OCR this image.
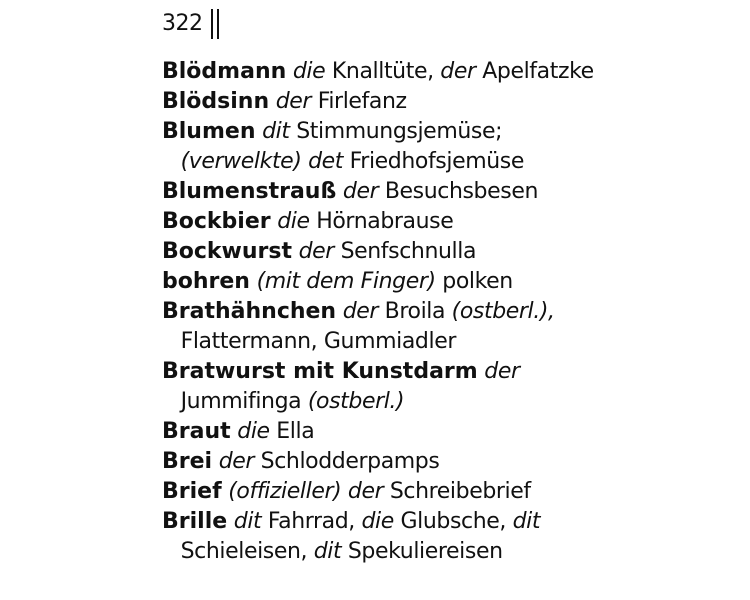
322
Blödmann die Knalltüte, der Apelfatzke
Blödsinn der Firlefanz
Blumen dit Stimmungsjemüse;(verwelkte) det Friedhofsjemüse
Blumenstrauß der Besuchsbesen
Bockbier die Hörnabrause
Bockwurst der Senfschnulla
bohren (mit dem Finger) polken
Brathähnchen der Broila (ostberl.),Flattermann, Gummiadler
Bratwurst mit Kunstdarm derJummifinga (ostberl.)
Braut die Ella
Brei der Schlodderpamps
Brief (offizieller) der Schreibebrief
Brille dit Fahrrad, die Glubsche, ditSchieleisen, dit Spekuliereisen
